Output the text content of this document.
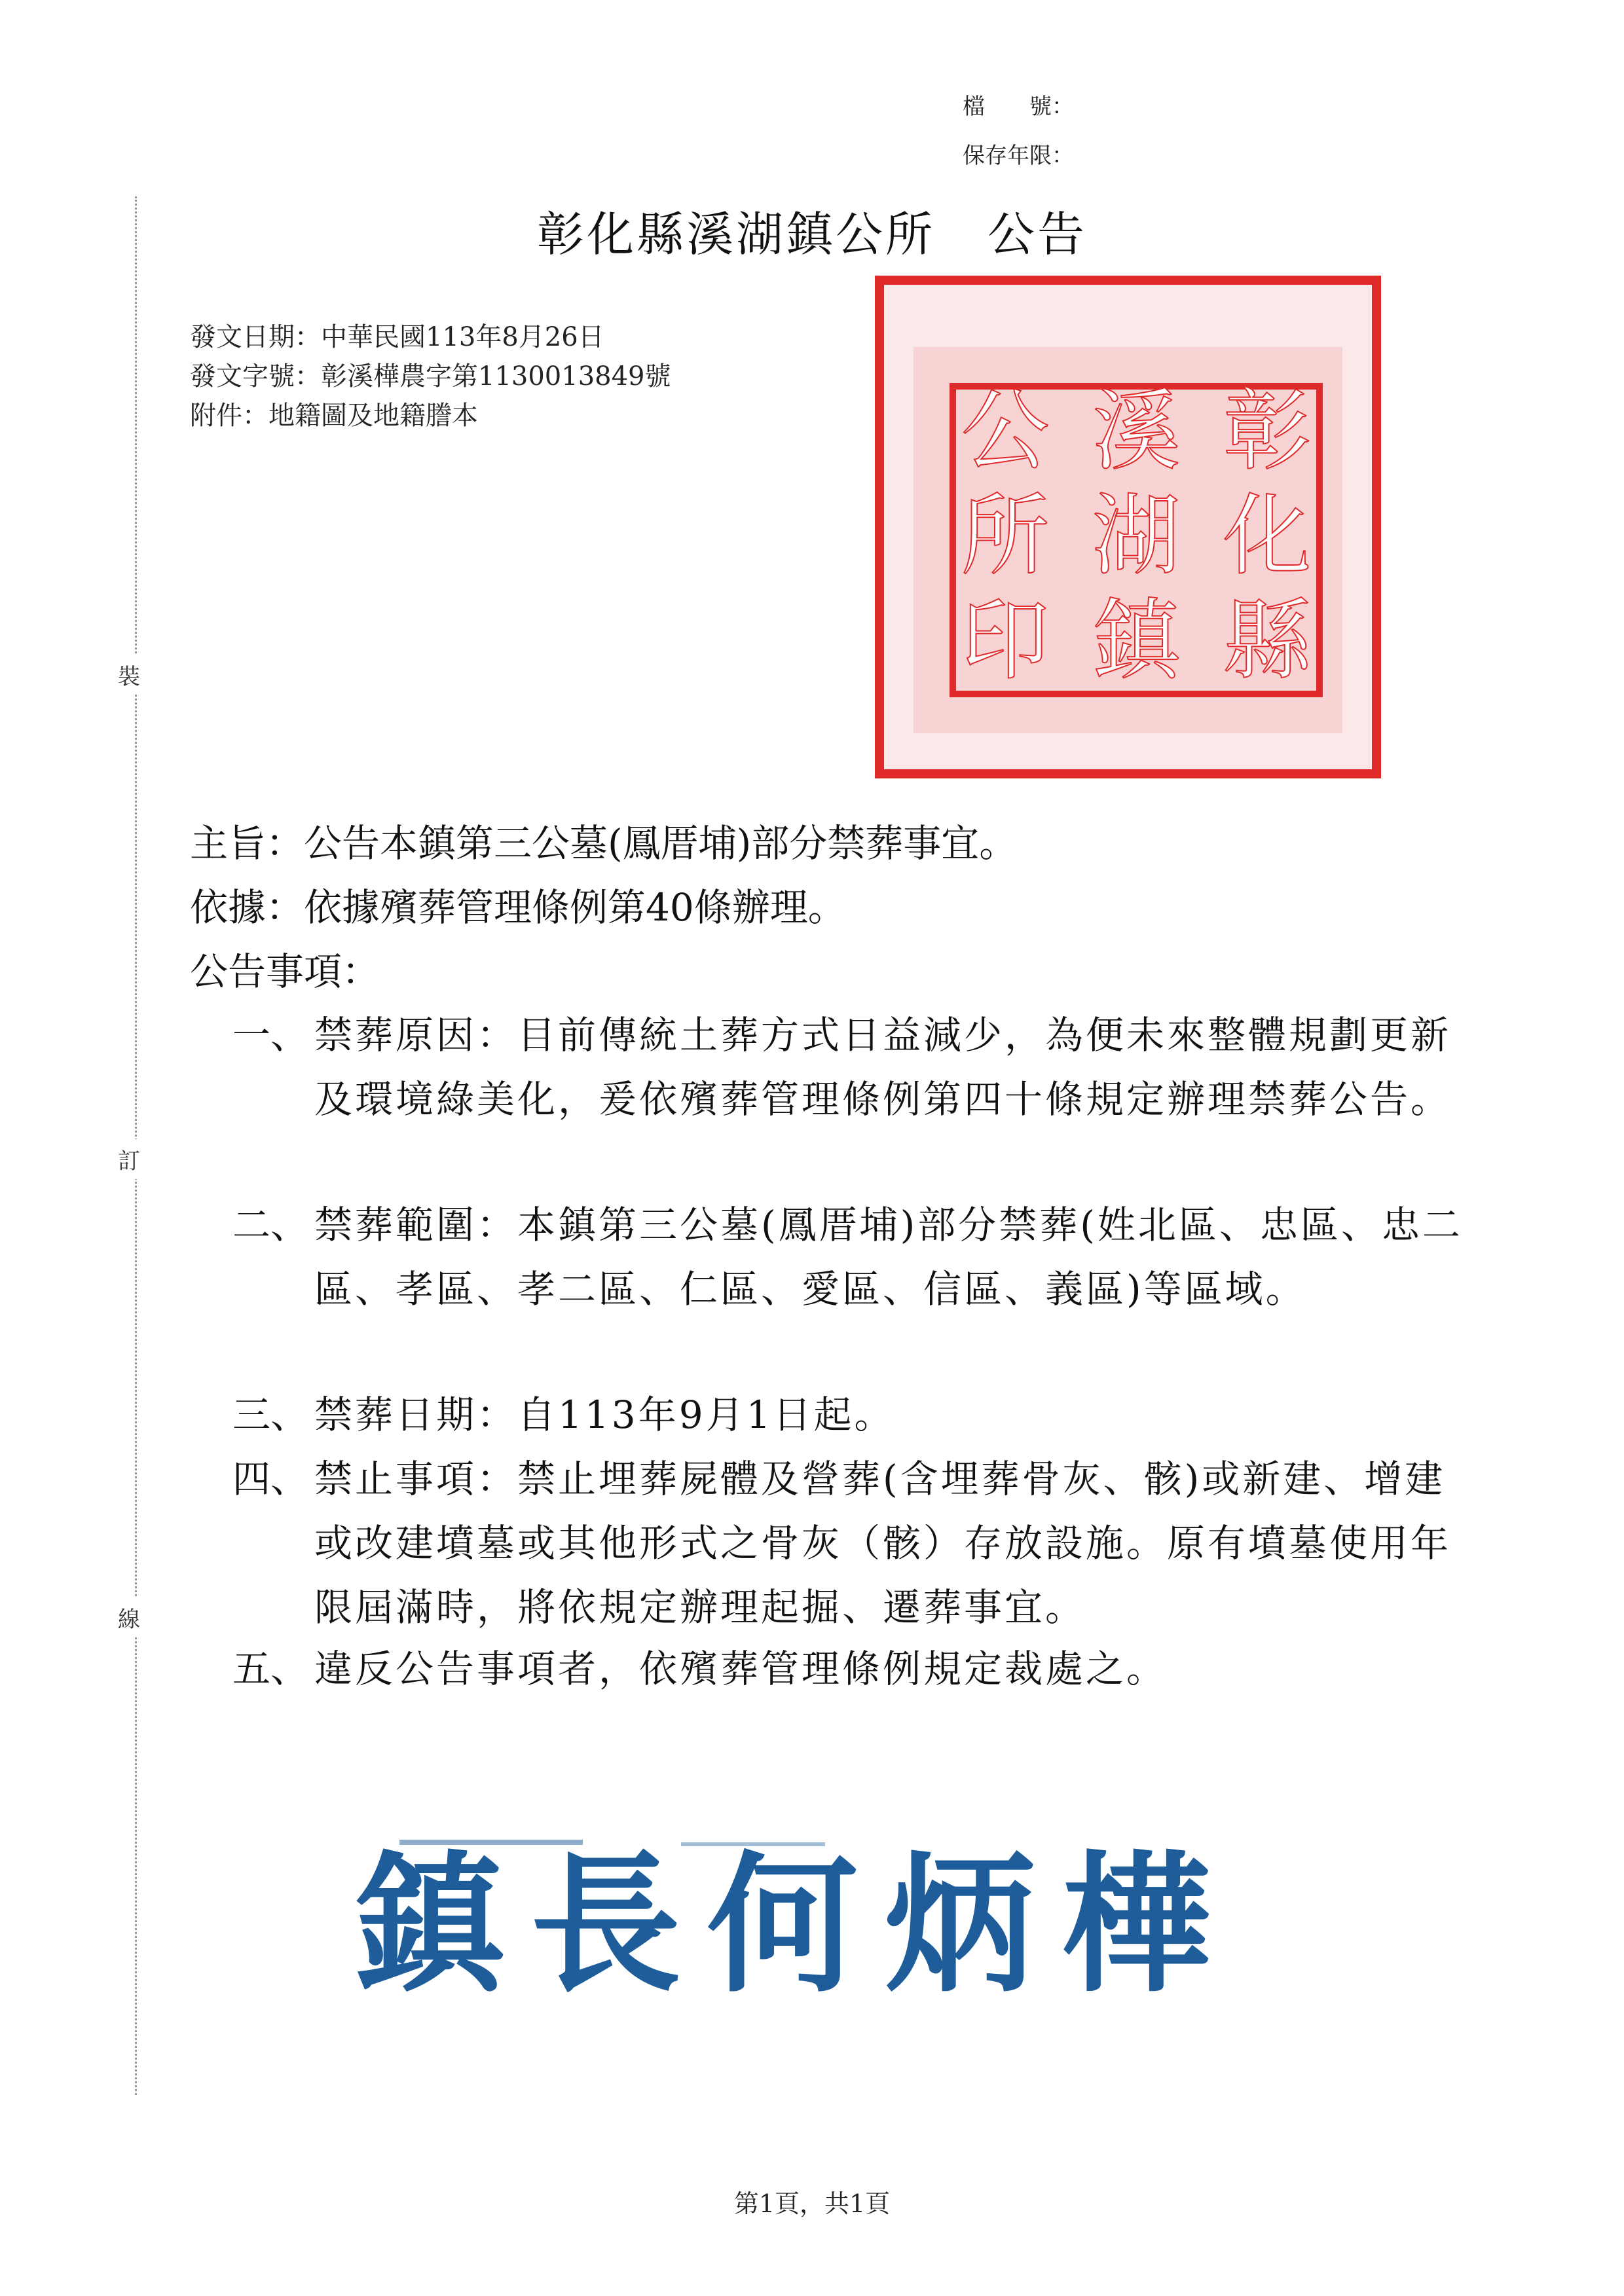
裝
訂
線
檔　　號：
保存年限：
彰化縣溪湖鎮公所 公告
發文日期：中華民國113年8月26日
發文字號：彰溪樺農字第1130013849號
附件：地籍圖及地籍謄本	彰
化
縣
溪
湖
鎮
公
所
印
主旨：公告本鎮第三公墓(鳳厝埔)部分禁葬事宜。
依據：依據殯葬管理條例第40條辦理。
公告事項：
一、 禁葬原因：目前傳統土葬方式日益減少，為便未來整體規劃更新及環境綠美化，爰依殯葬管理條例第四十條規定辦理禁葬公告。
二、 禁葬範圍：本鎮第三公墓(鳳厝埔)部分禁葬(姓北區、忠區、忠二區、孝區、孝二區、仁區、愛區、信區、義區)等區域。
三、 禁葬日期：自113年9月1日起。
四、 禁止事項：禁止埋葬屍體及營葬(含埋葬骨灰、骸)或新建、增建或改建墳墓或其他形式之骨灰（骸）存放設施。原有墳墓使用年限屆滿時，將依規定辦理起掘、遷葬事宜。
五、 違反公告事項者，依殯葬管理條例規定裁處之。
鎮長何炳樺
第1頁，共1頁
